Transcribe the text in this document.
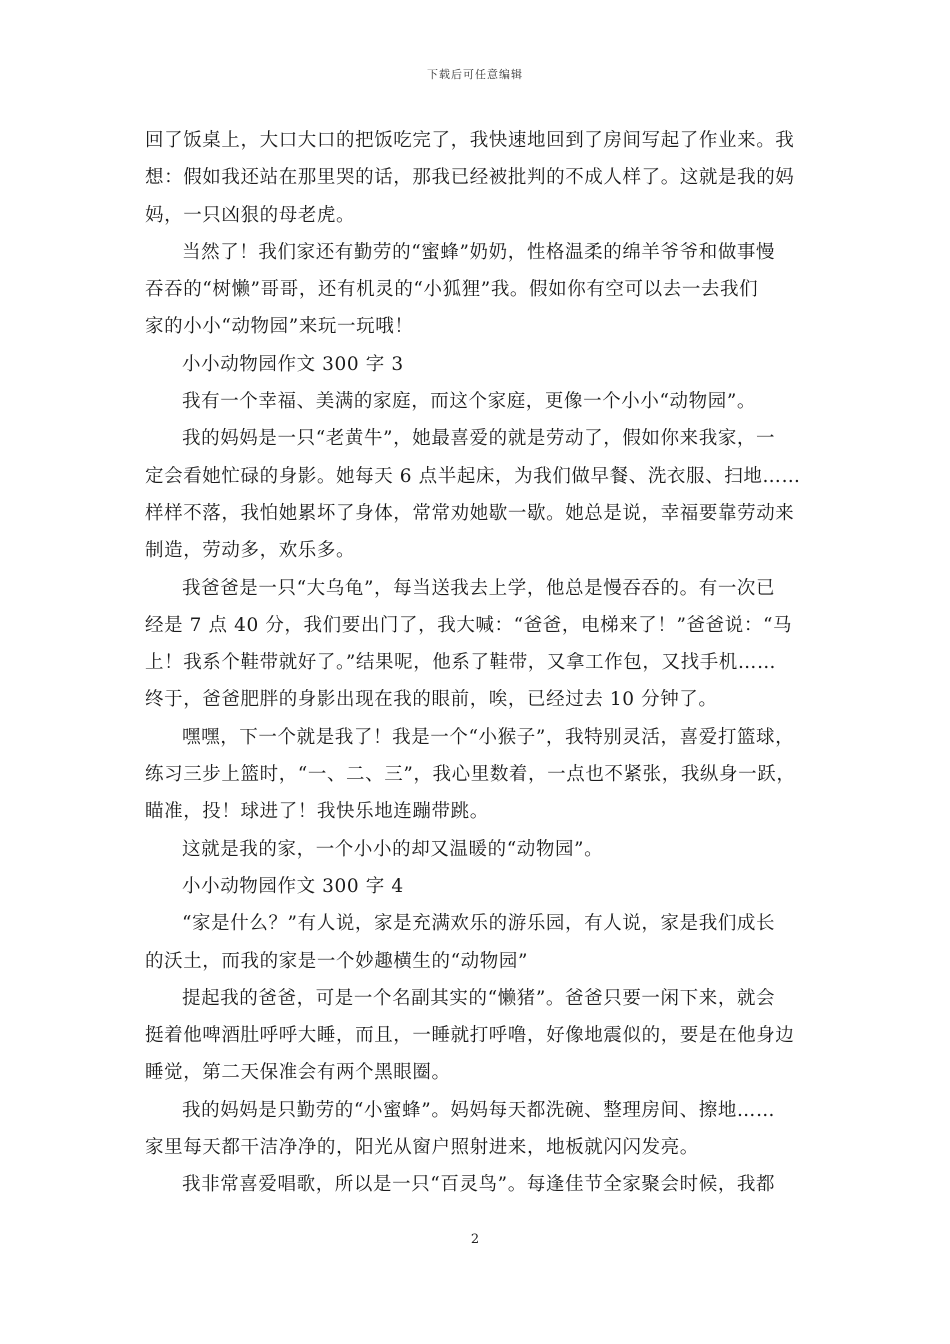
下载后可任意编辑
回了饭桌上，大口大口的把饭吃完了，我快速地回到了房间写起了作业来。我
想：假如我还站在那里哭的话，那我已经被批判的不成人样了。这就是我的妈
妈，一只凶狠的母老虎。
当然了！我们家还有勤劳的“蜜蜂”奶奶，性格温柔的绵羊爷爷和做事慢
吞吞的“树懒”哥哥，还有机灵的“小狐狸”我。假如你有空可以去一去我们
家的小小“动物园”来玩一玩哦！
小小动物园作文 300 字 3
我有一个幸福、美满的家庭，而这个家庭，更像一个小小“动物园”。
我的妈妈是一只“老黄牛”，她最喜爱的就是劳动了，假如你来我家，一
定会看她忙碌的身影。她每天 6 点半起床，为我们做早餐、洗衣服、扫地……
样样不落，我怕她累坏了身体，常常劝她歇一歇。她总是说，幸福要靠劳动来
制造，劳动多，欢乐多。
我爸爸是一只“大乌龟”，每当送我去上学，他总是慢吞吞的。有一次已
经是 7 点 40 分，我们要出门了，我大喊：“爸爸，电梯来了！”爸爸说：“马
上！我系个鞋带就好了。”结果呢，他系了鞋带，又拿工作包，又找手机……
终于，爸爸肥胖的身影出现在我的眼前，唉，已经过去 10 分钟了。
嘿嘿，下一个就是我了！我是一个“小猴子”，我特别灵活，喜爱打篮球，
练习三步上篮时，“一、二、三”，我心里数着，一点也不紧张，我纵身一跃，
瞄准，投！球进了！我快乐地连蹦带跳。
这就是我的家，一个小小的却又温暖的“动物园”。
小小动物园作文 300 字 4
“家是什么？”有人说，家是充满欢乐的游乐园，有人说，家是我们成长
的沃土，而我的家是一个妙趣横生的“动物园”
提起我的爸爸，可是一个名副其实的“懒猪”。爸爸只要一闲下来，就会
挺着他啤酒肚呼呼大睡，而且，一睡就打呼噜，好像地震似的，要是在他身边
睡觉，第二天保准会有两个黑眼圈。
我的妈妈是只勤劳的“小蜜蜂”。妈妈每天都洗碗、整理房间、擦地……
家里每天都干洁净净的，阳光从窗户照射进来，地板就闪闪发亮。
我非常喜爱唱歌，所以是一只“百灵鸟”。每逢佳节全家聚会时候，我都
2
